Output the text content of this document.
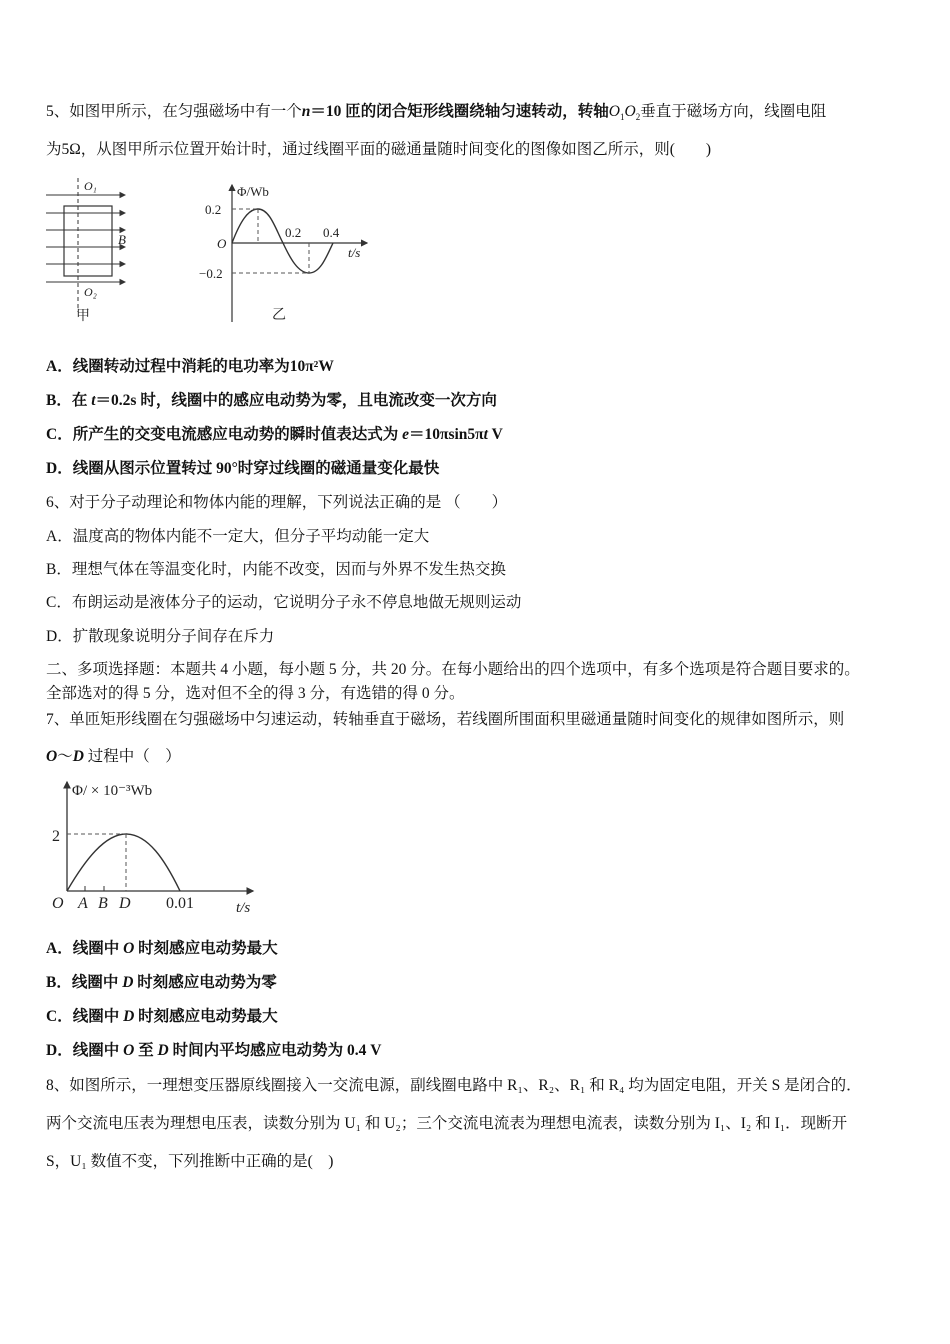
5、如图甲所示，在匀强磁场中有一个n＝10 匝的闭合矩形线圈绕轴匀速转动，转轴$O_1O_2$垂直于磁场方向，线圈电阻
为5Ω，从图甲所示位置开始计时，通过线圈平面的磁通量随时间变化的图像如图乙所示，则(　　)
O₁
O₂
B
甲
Φ/Wb
0.2
−0.2
O
0.2 0.4
t/s
乙
Φ/ × 10⁻³Wb
2
O A B D 0.01	t/s
A．线圈转动过程中消耗的电功率为10π²W
B．在 t＝0.2s 时，线圈中的感应电动势为零，且电流改变一次方向
C．所产生的交变电流感应电动势的瞬时值表达式为 e＝10πsin5πt V
D．线圈从图示位置转过 90°时穿过线圈的磁通量变化最快
6、对于分子动理论和物体内能的理解，下列说法正确的是 （　　）
A．温度高的物体内能不一定大，但分子平均动能一定大
B．理想气体在等温变化时，内能不改变，因而与外界不发生热交换
C．布朗运动是液体分子的运动，它说明分子永不停息地做无规则运动
D．扩散现象说明分子间存在斥力
二、多项选择题：本题共 4 小题，每小题 5 分，共 20 分。在每小题给出的四个选项中，有多个选项是符合题目要求的。
全部选对的得 5 分，选对但不全的得 3 分，有选错的得 0 分。
7、单匝矩形线圈在匀强磁场中匀速运动，转轴垂直于磁场，若线圈所围面积里磁通量随时间变化的规律如图所示，则
O～D 过程中（　）
A．线圈中 O 时刻感应电动势最大
B．线圈中 D 时刻感应电动势为零
C．线圈中 D 时刻感应电动势最大
D．线圈中 O 至 D 时间内平均感应电动势为 0.4 V
8、如图所示，一理想变压器原线圈接入一交流电源，副线圈电路中 R₁、R₂、R₁ 和 R₄ 均为固定电阻，开关 S 是闭合的．
两个交流电压表为理想电压表，读数分别为 U₁ 和 U₂；三个交流电流表为理想电流表，读数分别为 I₁、I₂ 和 I₁．现断开
S，U₁ 数值不变，下列推断中正确的是(　)
